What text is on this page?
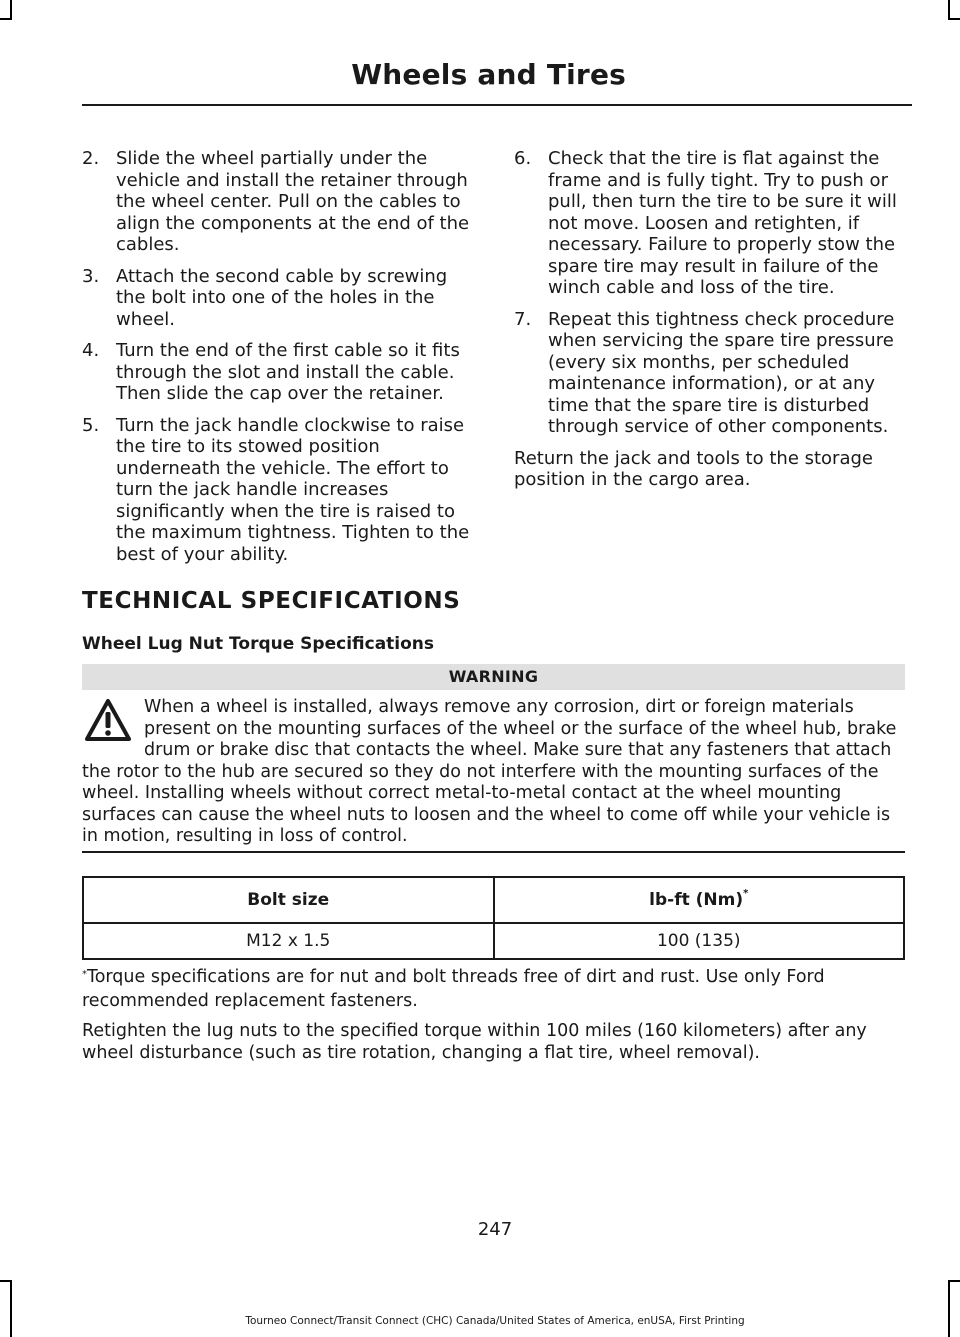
Wheels and Tires
2. Slide the wheel partially under the vehicle and install the retainer through the wheel center. Pull on the cables to align the components at the end of the cables.
3. Attach the second cable by screwing the bolt into one of the holes in the wheel.
4. Turn the end of the first cable so it fits through the slot and install the cable. Then slide the cap over the retainer.
5. Turn the jack handle clockwise to raise the tire to its stowed position underneath the vehicle. The effort to turn the jack handle increases significantly when the tire is raised to the maximum tightness. Tighten to the best of your ability.
6. Check that the tire is flat against the frame and is fully tight. Try to push or pull, then turn the tire to be sure it will not move. Loosen and retighten, if necessary. Failure to properly stow the spare tire may result in failure of the winch cable and loss of the tire.
7. Repeat this tightness check procedure when servicing the spare tire pressure (every six months, per scheduled maintenance information), or at any time that the spare tire is disturbed through service of other components.

Return the jack and tools to the storage position in the cargo area.

TECHNICAL SPECIFICATIONS
Wheel Lug Nut Torque Specifications
WARNING

When a wheel is installed, always remove any corrosion, dirt or foreign materials present on the mounting surfaces of the wheel or the surface of the wheel hub, brake drum or brake disc that contacts the wheel. Make sure that any fasteners that attach the rotor to the hub are secured so they do not interfere with the mounting surfaces of the wheel. Installing wheels without correct metal-to-metal contact at the wheel mounting surfaces can cause the wheel nuts to loosen and the wheel to come off while your vehicle is in motion, resulting in loss of control.

Bolt size	lb-ft (Nm)*
M12 x 1.5	100 (135)

*Torque specifications are for nut and bolt threads free of dirt and rust. Use only Ford recommended replacement fasteners.

Retighten the lug nuts to the specified torque within 100 miles (160 kilometers) after any wheel disturbance (such as tire rotation, changing a flat tire, wheel removal).

247
Tourneo Connect/Transit Connect (CHC) Canada/United States of America, enUSA, First Printing
